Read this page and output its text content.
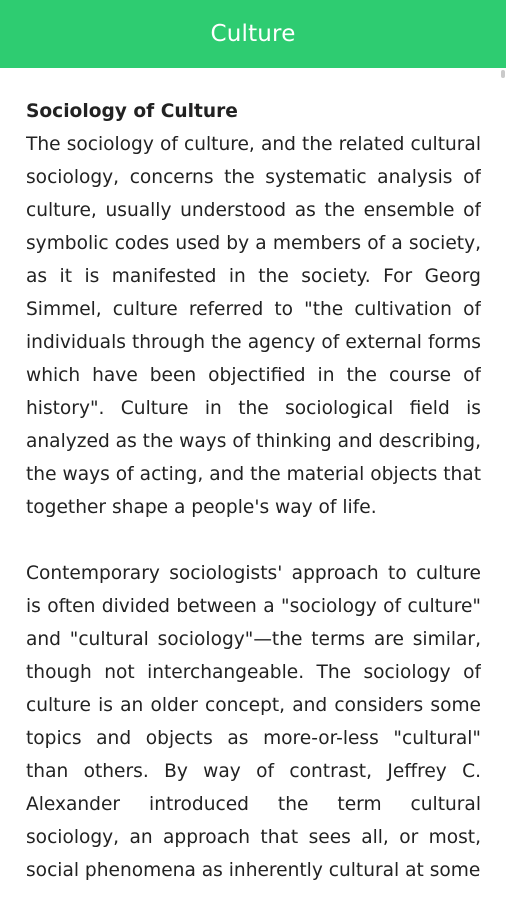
Culture

Sociology of Culture

The sociology of culture, and the related cultural sociology, concerns the systematic analysis of culture, usually understood as the ensemble of symbolic codes used by a members of a society, as it is manifested in the society. For Georg Simmel, culture referred to "the cultivation of individuals through the agency of external forms which have been objectified in the course of history". Culture in the sociological field is analyzed as the ways of thinking and describing, the ways of acting, and the material objects that together shape a people's way of life.

Contemporary sociologists' approach to culture is often divided between a "sociology of culture" and "cultural sociology"—the terms are similar, though not interchangeable. The sociology of culture is an older concept, and considers some topics and objects as more-or-less "cultural" than others. By way of contrast, Jeffrey C. Alexander introduced the term cultural sociology, an approach that sees all, or most, social phenomena as inherently cultural at some
